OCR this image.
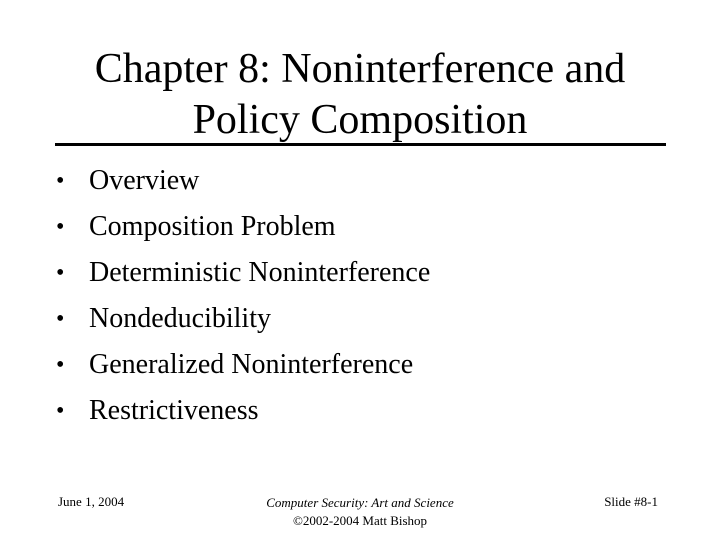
Chapter 8: Noninterference and
Policy Composition
• Overview
• Composition Problem
• Deterministic Noninterference
• Nondeducibility
• Generalized Noninterference
• Restrictiveness
June 1, 2004	Computer Security: Art and Science
©2002-2004 Matt Bishop
Slide #8-1
